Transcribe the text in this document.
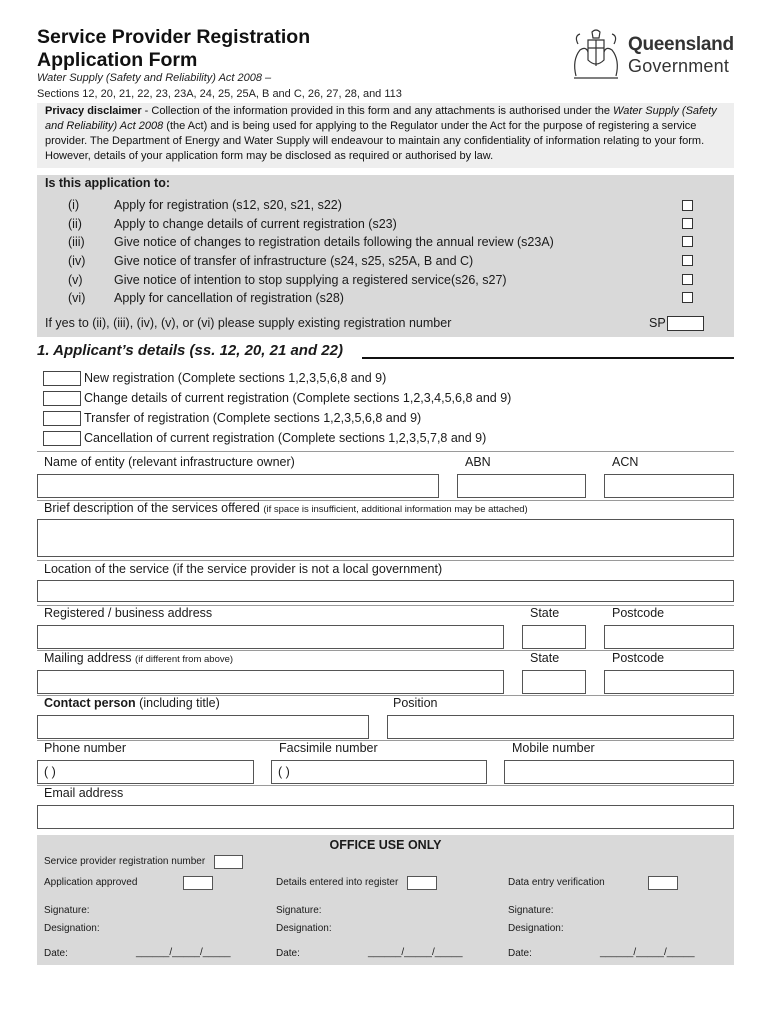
Service Provider Registration
Application Form
Water Supply (Safety and Reliability) Act 2008 –
Sections 12, 20, 21, 22, 23, 23A, 24, 25, 25A, B and C, 26, 27, 28, and 113
Queensland
Government
Privacy disclaimer - Collection of the information provided in this form and any attachments is authorised under the Water Supply (Safety and Reliability) Act 2008 (the Act) and is being used for applying to the Regulator under the Act for the purpose of registering a service provider. The Department of Energy and Water Supply will endeavour to maintain any confidentiality of information relating to your form. However, details of your application form may be disclosed as required or authorised by law.
Is this application to:
(i)	Apply for registration (s12, s20, s21, s22)
(ii)	Apply to change details of current registration (s23)
(iii)	Give notice of changes to registration details following the annual review (s23A)
(iv)	Give notice of transfer of infrastructure (s24, s25, s25A, B and C)
(v)	Give notice of intention to stop supplying a registered service(s26, s27)
(vi)	Apply for cancellation of registration (s28)
If yes to (ii), (iii), (iv), (v), or (vi) please supply existing registration number	SP
1. Applicant’s details (ss. 12, 20, 21 and 22)
New registration (Complete sections 1,2,3,5,6,8 and 9)
Change details of current registration (Complete sections 1,2,3,4,5,6,8 and 9)
Transfer of registration (Complete sections 1,2,3,5,6,8 and 9)
Cancellation of current registration (Complete sections 1,2,3,5,7,8 and 9)
Name of entity (relevant infrastructure owner)	ABN	ACN
Brief description of the services offered (if space is insufficient, additional information may be attached)
Location of the service (if the service provider is not a local government)
Registered / business address	State	Postcode
Mailing address (if different from above)	State	Postcode
Contact person (including title)	Position
Phone number	Facsimile number	Mobile number
( )	( )
Email address
OFFICE USE ONLY
Service provider registration number
Application approved	Details entered into register	Data entry verification
Signature:	Signature:	Signature:
Designation:	Designation:	Designation:
Date:	______/_____/_____	Date:	______/_____/_____	Date:	______/_____/_____
